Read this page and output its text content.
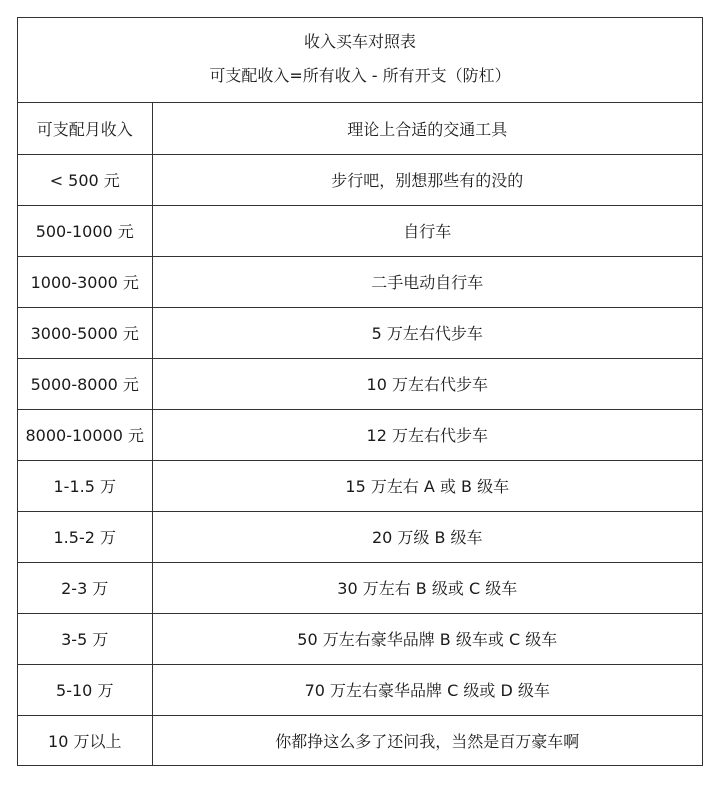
收入买车对照表
可支配收入=所有收入 - 所有开支（防杠）
可支配月收入	理论上合适的交通工具
< 500 元	步行吧，别想那些有的没的
500-1000 元	自行车
1000-3000 元	二手电动自行车
3000-5000 元	5 万左右代步车
5000-8000 元	10 万左右代步车
8000-10000 元	12 万左右代步车
1-1.5 万	15 万左右 A 或 B 级车
1.5-2 万	20 万级 B 级车
2-3 万	30 万左右 B 级或 C 级车
3-5 万	50 万左右豪华品牌 B 级车或 C 级车
5-10 万	70 万左右豪华品牌 C 级或 D 级车
10 万以上	你都挣这么多了还问我，当然是百万豪车啊
